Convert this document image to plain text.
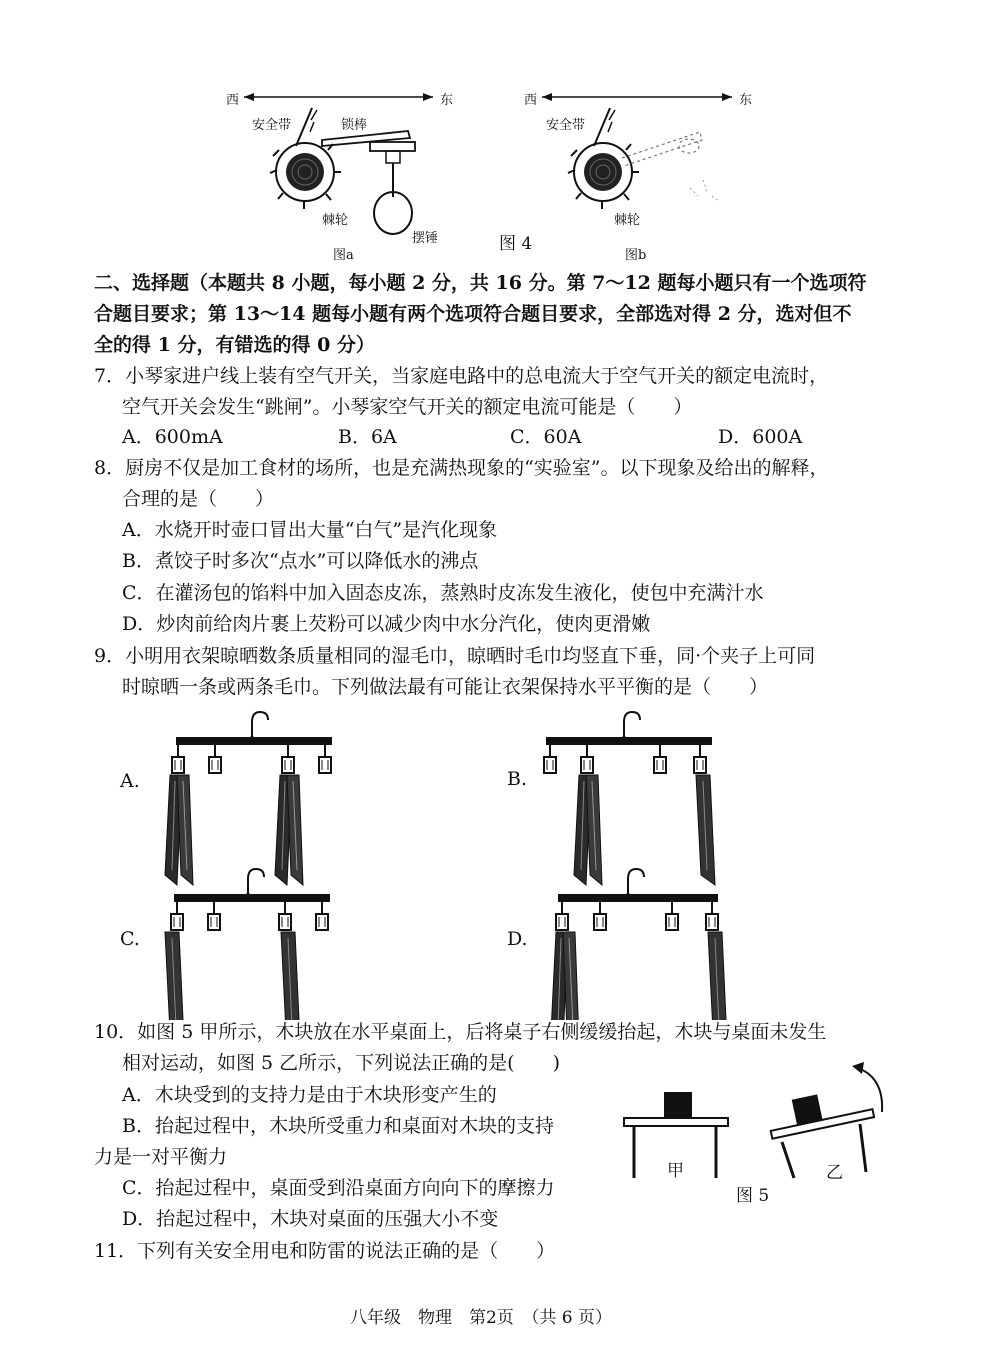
西	东
安全带	锁棒
棘轮
摆锤
图a
图 4
西	东
安全带
棘轮
图b
二、选择题（本题共 8 小题，每小题 2 分，共 16 分。第 7～12 题每小题只有一个选项符
合题目要求；第 13～14 题每小题有两个选项符合题目要求，全部选对得 2 分，选对但不
全的得 1 分，有错选的得 0 分）
7．小琴家进户线上装有空气开关，当家庭电路中的总电流大于空气开关的额定电流时，
空气开关会发生“跳闸”。小琴家空气开关的额定电流可能是（　　）
A．600mA	B．6A	C．60A	D．600A
8．厨房不仅是加工食材的场所，也是充满热现象的“实验室”。以下现象及给出的解释，
合理的是（　　）
A．水烧开时壶口冒出大量“白气”是汽化现象
B．煮饺子时多次“点水”可以降低水的沸点
C．在灌汤包的馅料中加入固态皮冻，蒸熟时皮冻发生液化，使包中充满汁水
D．炒肉前给肉片裹上芡粉可以减少肉中水分汽化，使肉更滑嫩
9．小明用衣架晾晒数条质量相同的湿毛巾，晾晒时毛巾均竖直下垂，同·个夹子上可同
时晾晒一条或两条毛巾。下列做法最有可能让衣架保持水平平衡的是（　　）
A.	B.
C.	D.
10．如图 5 甲所示，木块放在水平桌面上，后将桌子右侧缓缓抬起，木块与桌面未发生
相对运动，如图 5 乙所示，下列说法正确的是(　　)
A．木块受到的支持力是由于木块形变产生的
B．抬起过程中，木块所受重力和桌面对木块的支持
力是一对平衡力
C．抬起过程中，桌面受到沿桌面方向向下的摩擦力
D．抬起过程中，木块对桌面的压强大小不变
甲	乙
图 5
11．下列有关安全用电和防雷的说法正确的是（　　）
八年级　物理　第2页　（共 6 页）
